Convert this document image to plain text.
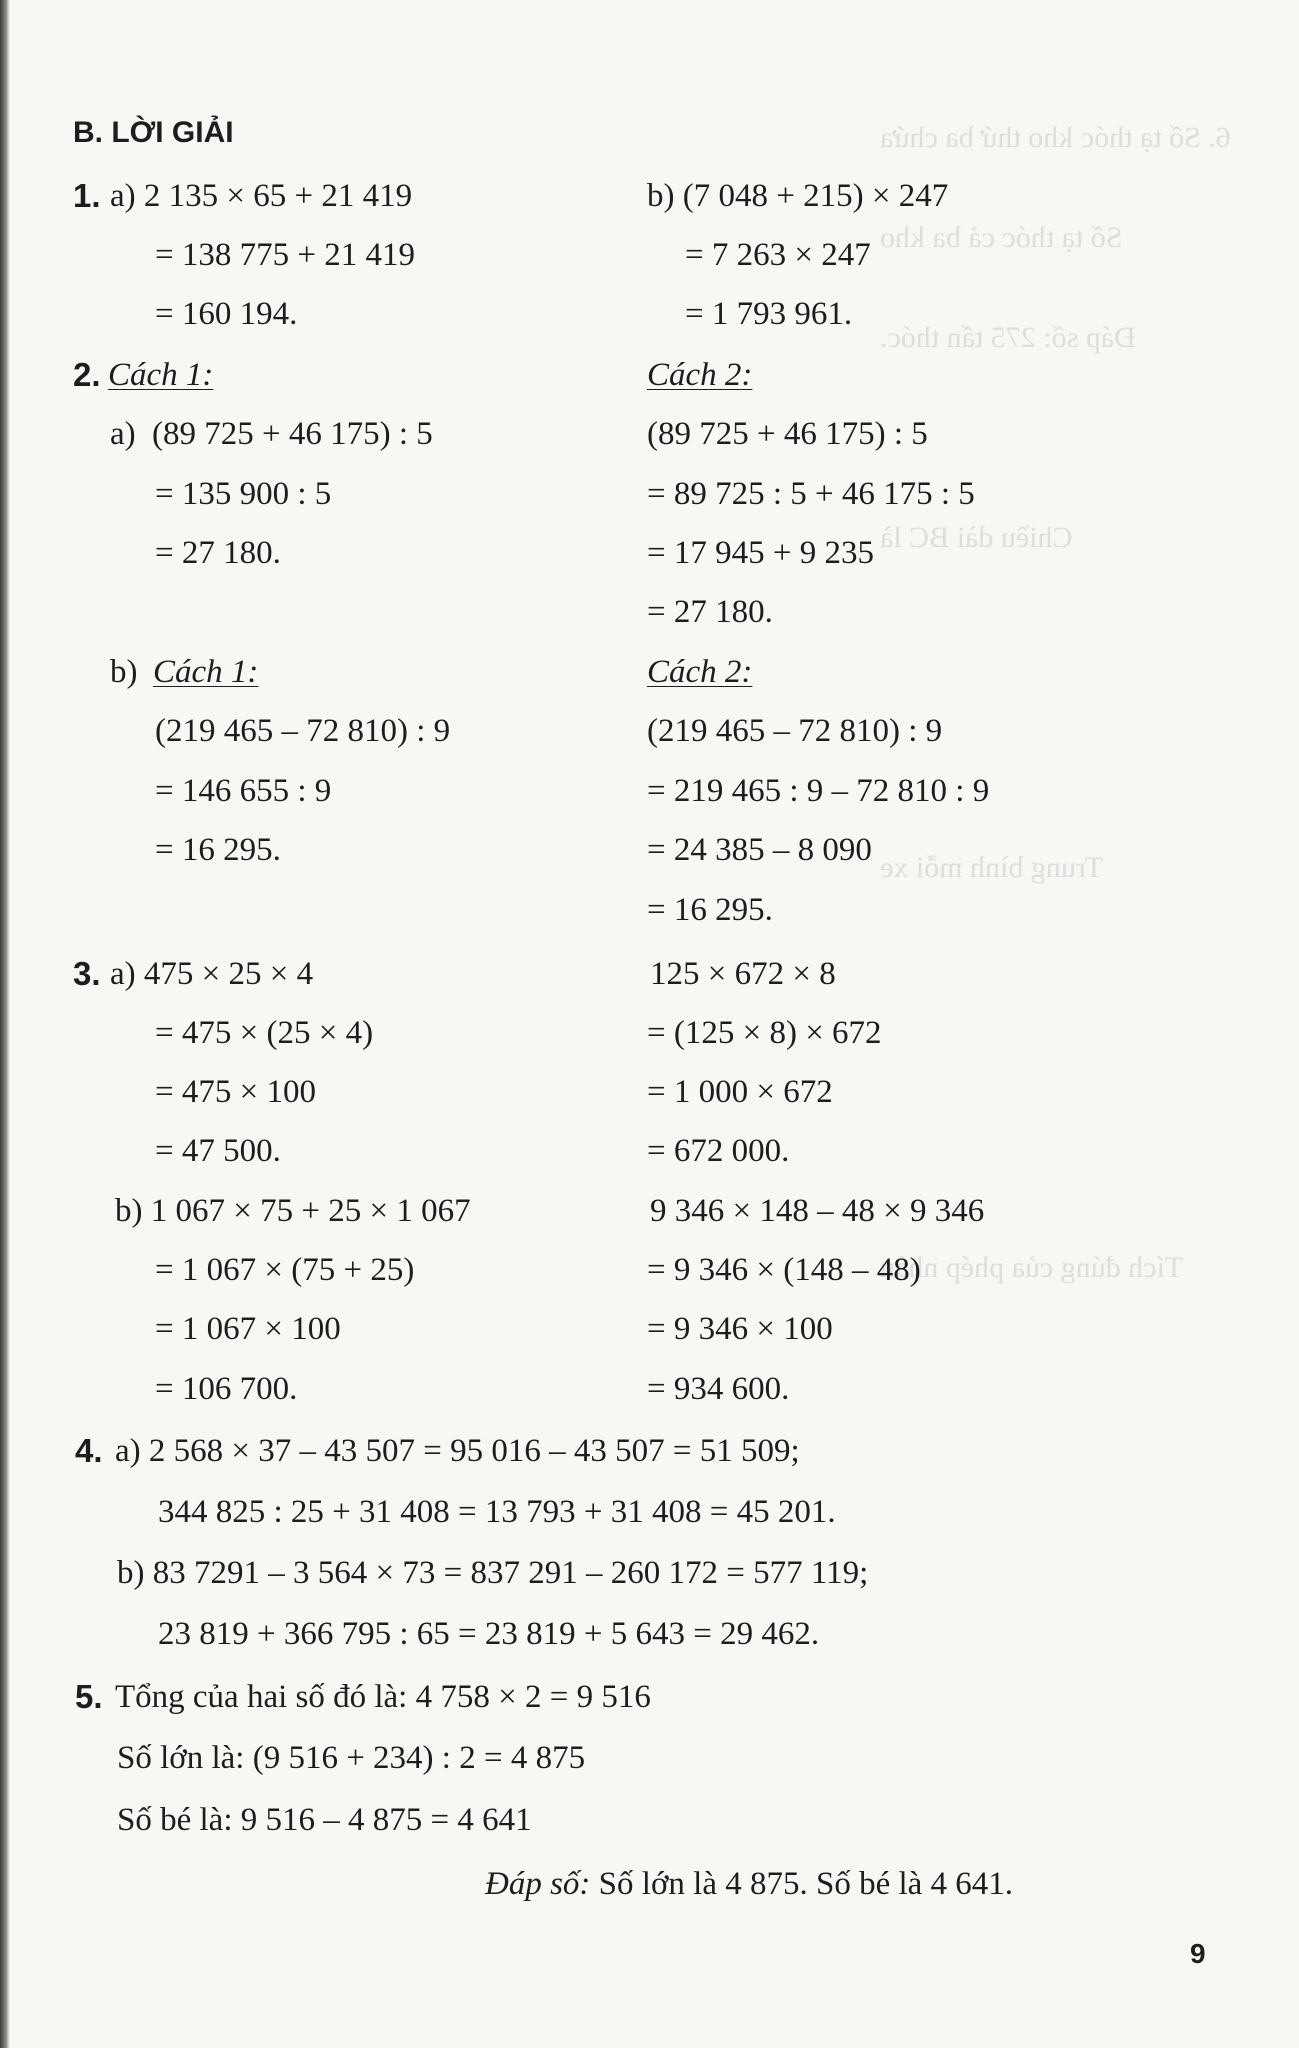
6. Số tạ thóc kho thứ ba chứa
Số tạ thóc cả ba kho
Đáp số: 275 tấn thóc.
Chiều dài BC là
Trung bình mỗi xe
Tích đúng của phép nhân
B. LỜI GIẢI
1. a) 2 135 × 65 + 21 419
= 138 775 + 21 419
= 160 194.
b) (7 048 + 215) × 247
= 7 263 × 247
= 1 793 961.
2. Cách 1:	Cách 2:
a) (89 725 + 46 175) : 5
= 135 900 : 5
= 27 180.
(89 725 + 46 175) : 5
= 89 725 : 5 + 46 175 : 5
= 17 945 + 9 235
= 27 180.
b) Cách 1:	Cách 2:
(219 465 – 72 810) : 9
= 146 655 : 9
= 16 295.
(219 465 – 72 810) : 9
= 219 465 : 9 – 72 810 : 9
= 24 385 – 8 090
= 16 295.
3. a) 475 × 25 × 4
= 475 × (25 × 4)
= 475 × 100
= 47 500.
125 × 672 × 8
= (125 × 8) × 672
= 1 000 × 672
= 672 000.
b) 1 067 × 75 + 25 × 1 067
= 1 067 × (75 + 25)
= 1 067 × 100
= 106 700.
9 346 × 148 – 48 × 9 346
= 9 346 × (148 – 48)
= 9 346 × 100
= 934 600.
4. a) 2 568 × 37 – 43 507 = 95 016 – 43 507 = 51 509;
344 825 : 25 + 31 408 = 13 793 + 31 408 = 45 201.
b) 83 7291 – 3 564 × 73 = 837 291 – 260 172 = 577 119;
23 819 + 366 795 : 65 = 23 819 + 5 643 = 29 462.
5. Tổng của hai số đó là: 4 758 × 2 = 9 516
Số lớn là: (9 516 + 234) : 2 = 4 875
Số bé là: 9 516 – 4 875 = 4 641
Đáp số: Số lớn là 4 875. Số bé là 4 641.
9
